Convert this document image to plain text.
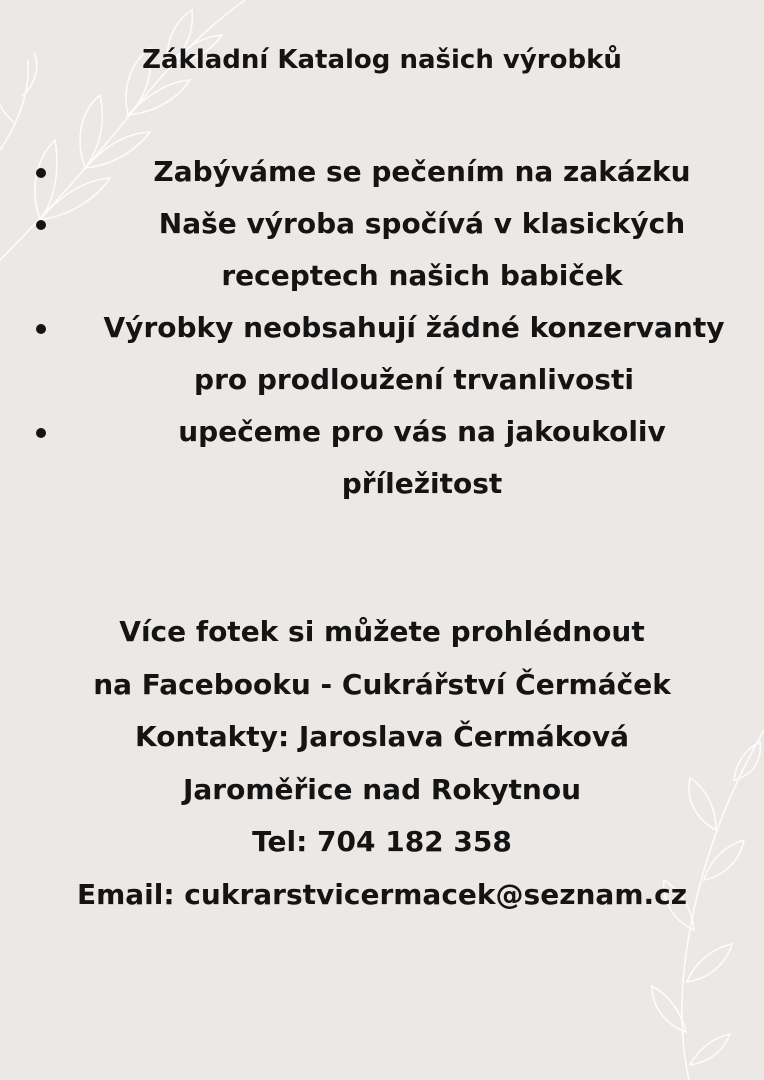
Základní Katalog našich výrobků
Zabýváme se pečením na zakázku
Naše výroba spočívá v klasických
receptech našich babiček
Výrobky neobsahují žádné konzervanty
pro prodloužení trvanlivosti
upečeme pro vás na jakoukoliv
příležitost
Více fotek si můžete prohlédnout
na Facebooku - Cukrářství Čermáček
Kontakty: Jaroslava Čermáková
Jaroměřice nad Rokytnou
Tel: 704 182 358
Email: cukrarstvicermacek@seznam.cz
